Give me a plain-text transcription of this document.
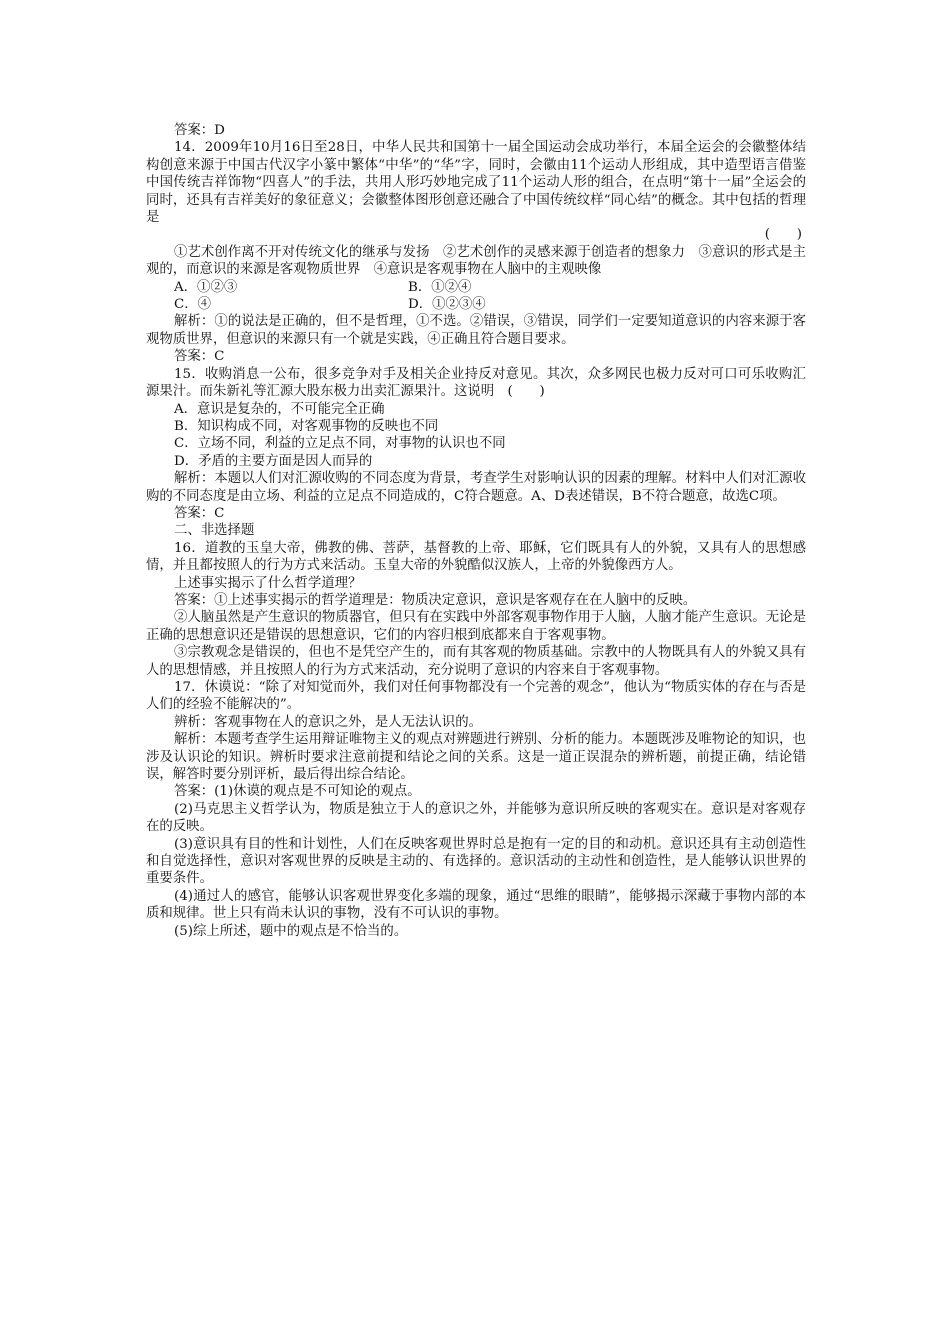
答案：D

14．2009年10月16日至28日，中华人民共和国第十一届全国运动会成功举行，本届全运会的会徽整体结构创意来源于中国古代汉字小篆中繁体“中华”的“华”字，同时，会徽由11个运动人形组成，其中造型语言借鉴中国传统吉祥饰物“四喜人”的手法，共用人形巧妙地完成了11个运动人形的组合，在点明“第十一届”全运会的同时，还具有吉祥美好的象征意义；会徽整体图形创意还融合了中国传统纹样“同心结”的概念。其中包括的哲理是

(　　)

①艺术创作离不开对传统文化的继承与发扬　②艺术创作的灵感来源于创造者的想象力　③意识的形式是主观的，而意识的来源是客观物质世界　④意识是客观事物在人脑中的主观映像

A．①②③	B．①②④
C．④	D．①②③④

解析：①的说法是正确的，但不是哲理，①不选。②错误，③错误，同学们一定要知道意识的内容来源于客观物质世界，但意识的来源只有一个就是实践，④正确且符合题目要求。

答案：C

15．收购消息一公布，很多竞争对手及相关企业持反对意见。其次，众多网民也极力反对可口可乐收购汇源果汁。而朱新礼等汇源大股东极力出卖汇源果汁。这说明　(　　)

A．意识是复杂的，不可能完全正确

B．知识构成不同，对客观事物的反映也不同

C．立场不同，利益的立足点不同，对事物的认识也不同

D．矛盾的主要方面是因人而异的

解析：本题以人们对汇源收购的不同态度为背景，考查学生对影响认识的因素的理解。材料中人们对汇源收购的不同态度是由立场、利益的立足点不同造成的，C符合题意。A、D表述错误，B不符合题意，故选C项。

答案：C

二、非选择题

16．道教的玉皇大帝，佛教的佛、菩萨，基督教的上帝、耶稣，它们既具有人的外貌，又具有人的思想感情，并且都按照人的行为方式来活动。玉皇大帝的外貌酷似汉族人，上帝的外貌像西方人。

上述事实揭示了什么哲学道理？

答案：①上述事实揭示的哲学道理是：物质决定意识，意识是客观存在在人脑中的反映。

②人脑虽然是产生意识的物质器官，但只有在实践中外部客观事物作用于人脑，人脑才能产生意识。无论是正确的思想意识还是错误的思想意识，它们的内容归根到底都来自于客观事物。

③宗教观念是错误的，但也不是凭空产生的，而有其客观的物质基础。宗教中的人物既具有人的外貌又具有人的思想情感，并且按照人的行为方式来活动，充分说明了意识的内容来自于客观事物。

17．休谟说：“除了对知觉而外，我们对任何事物都没有一个完善的观念”，他认为“物质实体的存在与否是人们的经验不能解决的”。

辨析：客观事物在人的意识之外，是人无法认识的。

解析：本题考查学生运用辩证唯物主义的观点对辨题进行辨别、分析的能力。本题既涉及唯物论的知识，也涉及认识论的知识。辨析时要求注意前提和结论之间的关系。这是一道正误混杂的辨析题，前提正确，结论错误，解答时要分别评析，最后得出综合结论。

答案：(1)休谟的观点是不可知论的观点。

(2)马克思主义哲学认为，物质是独立于人的意识之外，并能够为意识所反映的客观实在。意识是对客观存在的反映。

(3)意识具有目的性和计划性，人们在反映客观世界时总是抱有一定的目的和动机。意识还具有主动创造性和自觉选择性，意识对客观世界的反映是主动的、有选择的。意识活动的主动性和创造性，是人能够认识世界的重要条件。

(4)通过人的感官，能够认识客观世界变化多端的现象，通过“思维的眼睛”，能够揭示深藏于事物内部的本质和规律。世上只有尚未认识的事物，没有不可认识的事物。

(5)综上所述，题中的观点是不恰当的。
